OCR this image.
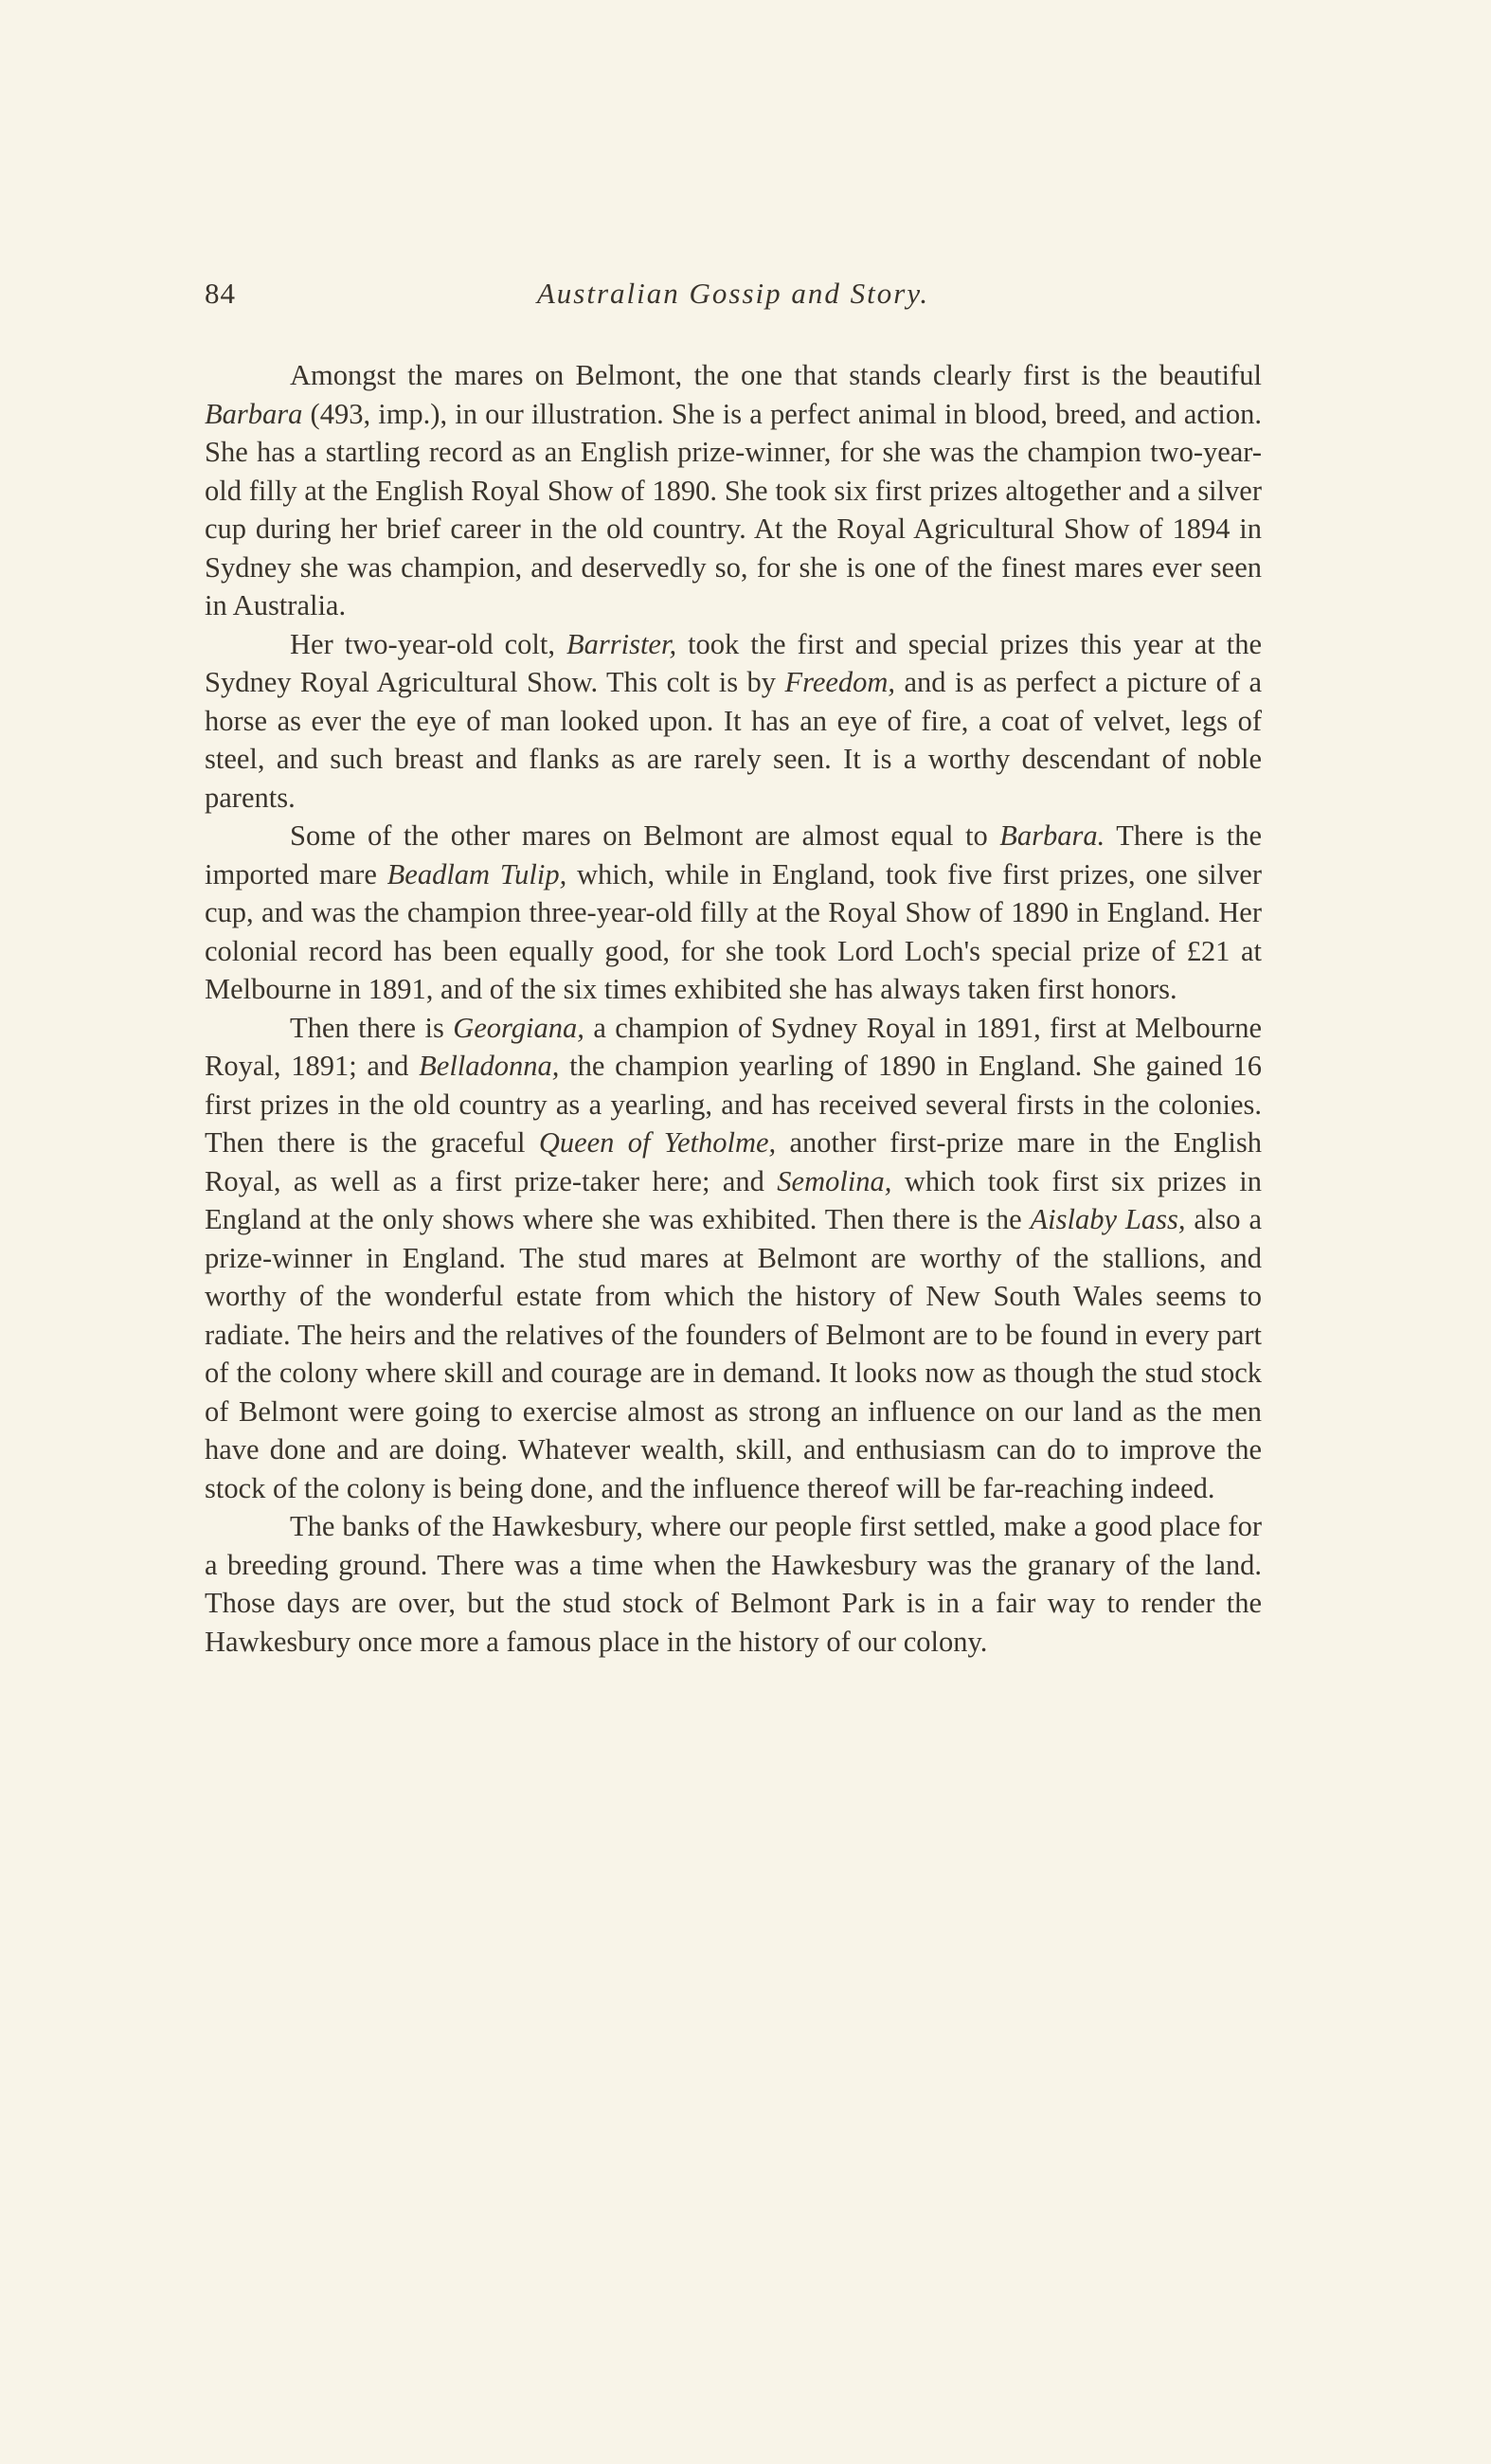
84	Australian Gossip and Story.

Amongst the mares on Belmont, the one that stands clearly first is the beautiful Barbara (493, imp.), in our illustration. She is a perfect animal in blood, breed, and action. She has a startling record as an English prize-winner, for she was the champion two-year-old filly at the English Royal Show of 1890. She took six first prizes altogether and a silver cup during her brief career in the old country. At the Royal Agricultural Show of 1894 in Sydney she was champion, and deservedly so, for she is one of the finest mares ever seen in Australia.

Her two-year-old colt, Barrister, took the first and special prizes this year at the Sydney Royal Agricultural Show. This colt is by Freedom, and is as perfect a picture of a horse as ever the eye of man looked upon. It has an eye of fire, a coat of velvet, legs of steel, and such breast and flanks as are rarely seen. It is a worthy descendant of noble parents.

Some of the other mares on Belmont are almost equal to Barbara. There is the imported mare Beadlam Tulip, which, while in England, took five first prizes, one silver cup, and was the champion three-year-old filly at the Royal Show of 1890 in England. Her colonial record has been equally good, for she took Lord Loch's special prize of £21 at Melbourne in 1891, and of the six times exhibited she has always taken first honors.

Then there is Georgiana, a champion of Sydney Royal in 1891, first at Melbourne Royal, 1891; and Belladonna, the champion yearling of 1890 in England. She gained 16 first prizes in the old country as a yearling, and has received several firsts in the colonies. Then there is the graceful Queen of Yetholme, another first-prize mare in the English Royal, as well as a first prize-taker here; and Semolina, which took first six prizes in England at the only shows where she was exhibited. Then there is the Aislaby Lass, also a prize-winner in England. The stud mares at Belmont are worthy of the stallions, and worthy of the wonderful estate from which the history of New South Wales seems to radiate. The heirs and the relatives of the founders of Belmont are to be found in every part of the colony where skill and courage are in demand. It looks now as though the stud stock of Belmont were going to exercise almost as strong an influence on our land as the men have done and are doing. Whatever wealth, skill, and enthusiasm can do to improve the stock of the colony is being done, and the influence thereof will be far-reaching indeed.

The banks of the Hawkesbury, where our people first settled, make a good place for a breeding ground. There was a time when the Hawkesbury was the granary of the land. Those days are over, but the stud stock of Belmont Park is in a fair way to render the Hawkesbury once more a famous place in the history of our colony.
